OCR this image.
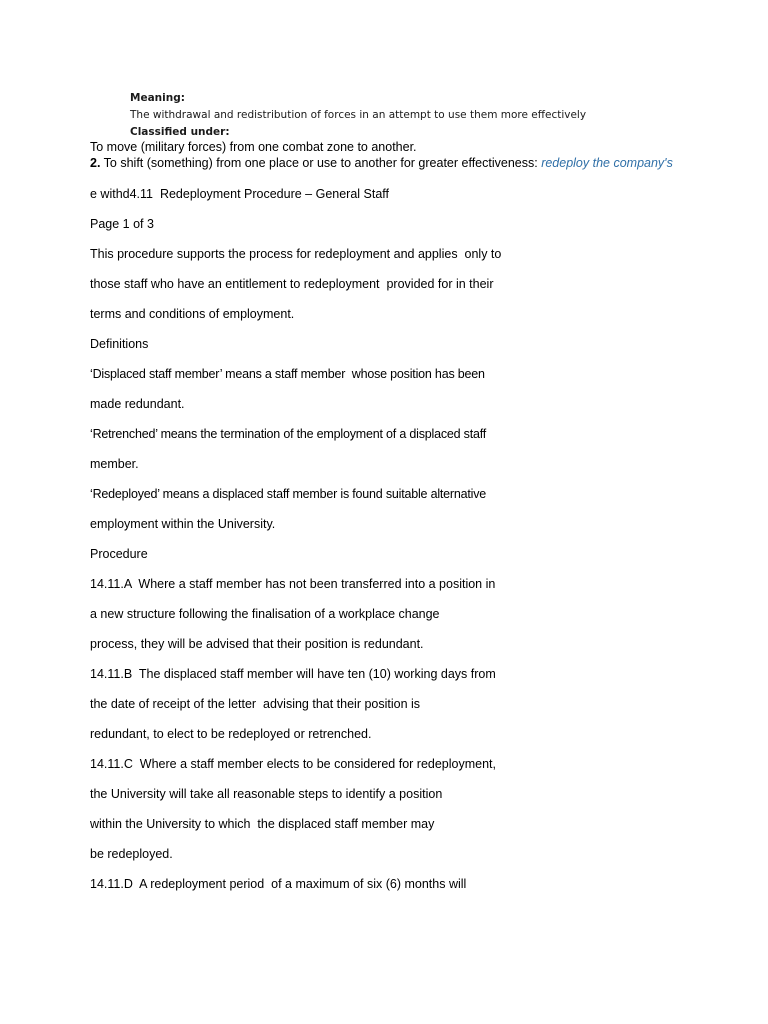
Meaning:
The withdrawal and redistribution of forces in an attempt to use them more effectively
Classified under:
To move (military forces) from one combat zone to another.
2. To shift (something) from one place or use to another for greater effectiveness: redeploy the company's
e withd4.11  Redeployment Procedure – General Staff
Page 1 of 3
This procedure supports the process for redeployment and applies  only to
those staff who have an entitlement to redeployment  provided for in their
terms and conditions of employment.
Definitions
‘Displaced staff member’ means a staff member  whose position has been
made redundant.
‘Retrenched’ means the termination of the employment of a displaced staff
member.
‘Redeployed’ means a displaced staff member is found suitable alternative
employment within the University.
Procedure
14.11.A  Where a staff member has not been transferred into a position in
a new structure following the finalisation of a workplace change
process, they will be advised that their position is redundant.
14.11.B  The displaced staff member will have ten (10) working days from
the date of receipt of the letter  advising that their position is
redundant, to elect to be redeployed or retrenched.
14.11.C  Where a staff member elects to be considered for redeployment,
the University will take all reasonable steps to identify a position
within the University to which  the displaced staff member may
be redeployed.
14.11.D  A redeployment period  of a maximum of six (6) months will
